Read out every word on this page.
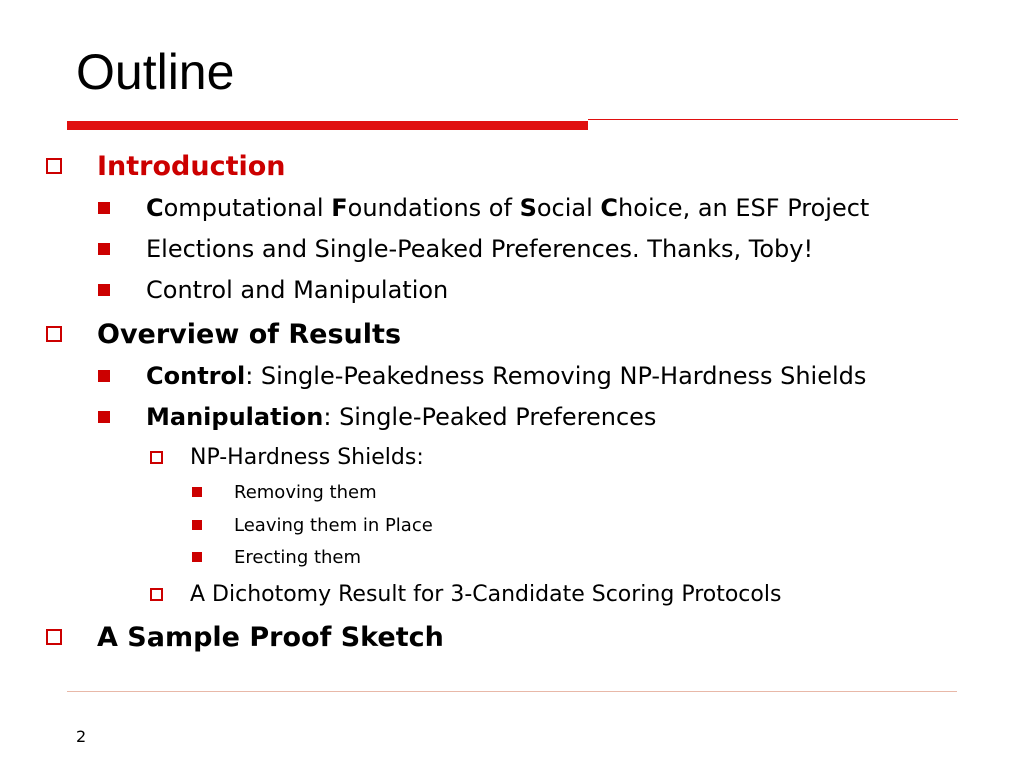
Outline
Introduction
Computational Foundations of Social Choice, an ESF Project
Elections and Single-Peaked Preferences. Thanks, Toby!
Control and Manipulation
Overview of Results
Control: Single-Peakedness Removing NP-Hardness Shields
Manipulation: Single-Peaked Preferences
NP-Hardness Shields:
Removing them
Leaving them in Place
Erecting them
A Dichotomy Result for 3-Candidate Scoring Protocols
A Sample Proof Sketch
2
